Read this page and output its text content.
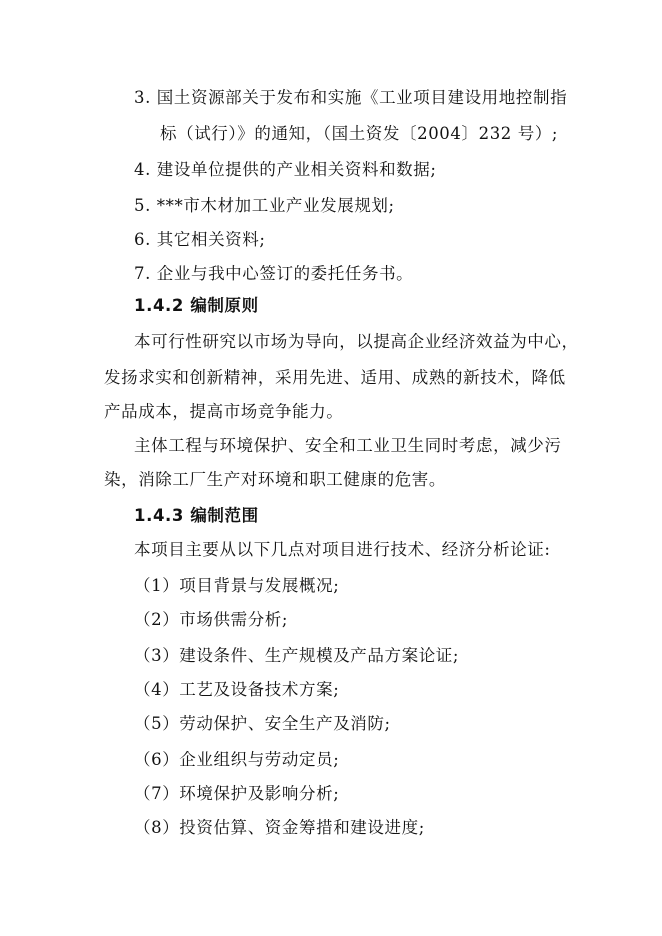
3. 国土资源部关于发布和实施《工业项目建设用地控制指
标（试行）》的通知，（国土资发〔2004〕232 号）;
4. 建设单位提供的产业相关资料和数据;
5. ***市木材加工业产业发展规划;
6. 其它相关资料;
7. 企业与我中心签订的委托任务书。
1.4.2 编制原则
本可行性研究以市场为导向，以提高企业经济效益为中心，
发扬求实和创新精神，采用先进、适用、成熟的新技术，降低
产品成本，提高市场竞争能力。
主体工程与环境保护、安全和工业卫生同时考虑，减少污
染，消除工厂生产对环境和职工健康的危害。
1.4.3 编制范围
本项目主要从以下几点对项目进行技术、经济分析论证:
（1）项目背景与发展概况;
（2）市场供需分析;
（3）建设条件、生产规模及产品方案论证;
（4）工艺及设备技术方案;
（5）劳动保护、安全生产及消防;
（6）企业组织与劳动定员;
（7）环境保护及影响分析;
（8）投资估算、资金筹措和建设进度;
